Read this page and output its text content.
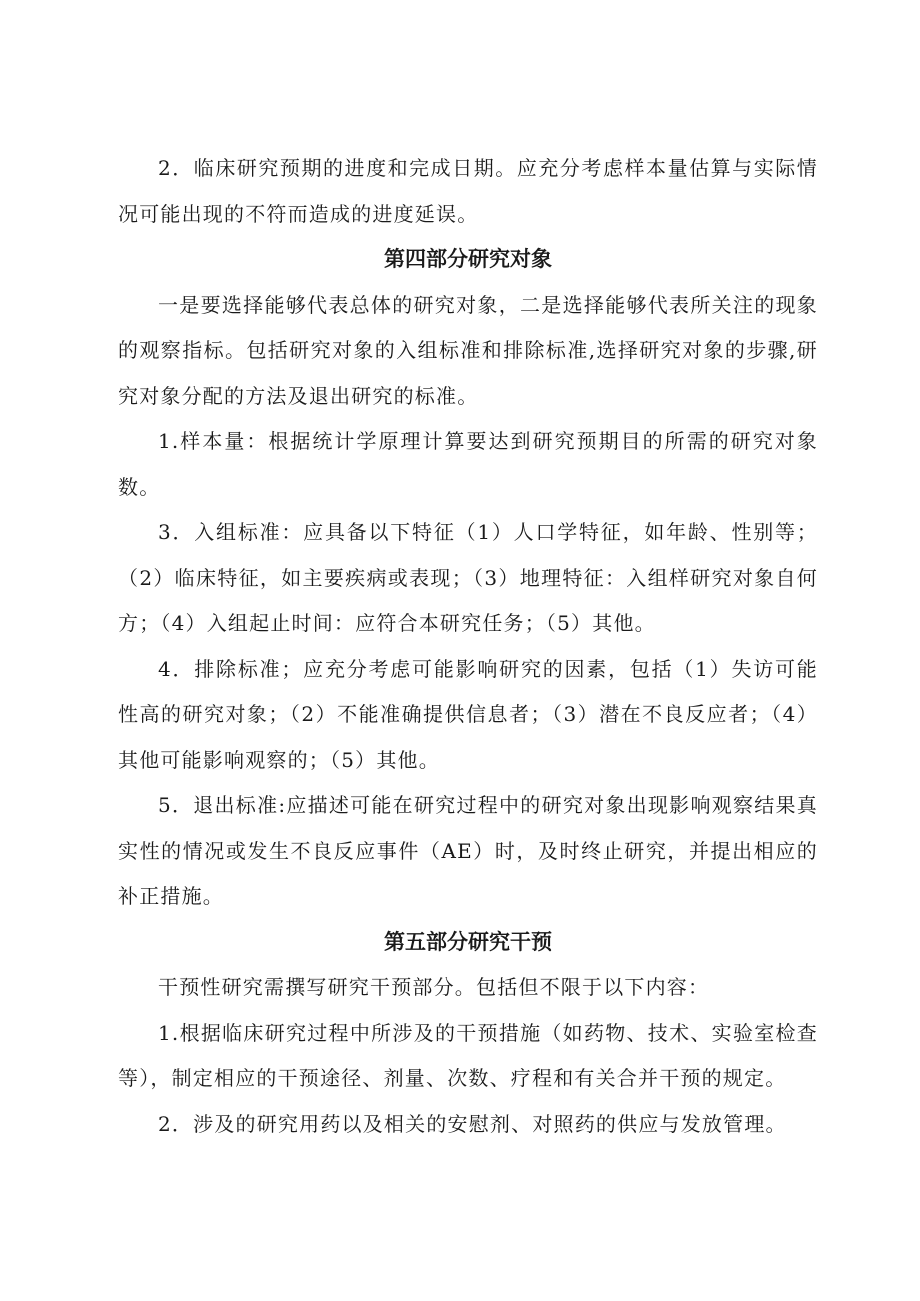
2．临床研究预期的进度和完成日期。应充分考虑样本量估算与实际情况可能出现的不符而造成的进度延误。

第四部分研究对象

一是要选择能够代表总体的研究对象，二是选择能够代表所关注的现象的观察指标。包括研究对象的入组标准和排除标准,选择研究对象的步骤,研究对象分配的方法及退出研究的标准。

1.样本量：根据统计学原理计算要达到研究预期目的所需的研究对象数。

3．入组标准：应具备以下特征（1）人口学特征，如年龄、性别等；（2）临床特征，如主要疾病或表现；（3）地理特征：入组样研究对象自何方；（4）入组起止时间：应符合本研究任务；（5）其他。

4．排除标准；应充分考虑可能影响研究的因素，包括（1）失访可能性高的研究对象；（2）不能准确提供信息者；（3）潜在不良反应者；（4）其他可能影响观察的；（5）其他。

5．退出标准:应描述可能在研究过程中的研究对象出现影响观察结果真实性的情况或发生不良反应事件（AE）时，及时终止研究，并提出相应的补正措施。

第五部分研究干预

干预性研究需撰写研究干预部分。包括但不限于以下内容：

1.根据临床研究过程中所涉及的干预措施（如药物、技术、实验室检查等），制定相应的干预途径、剂量、次数、疗程和有关合并干预的规定。

2．涉及的研究用药以及相关的安慰剂、对照药的供应与发放管理。
